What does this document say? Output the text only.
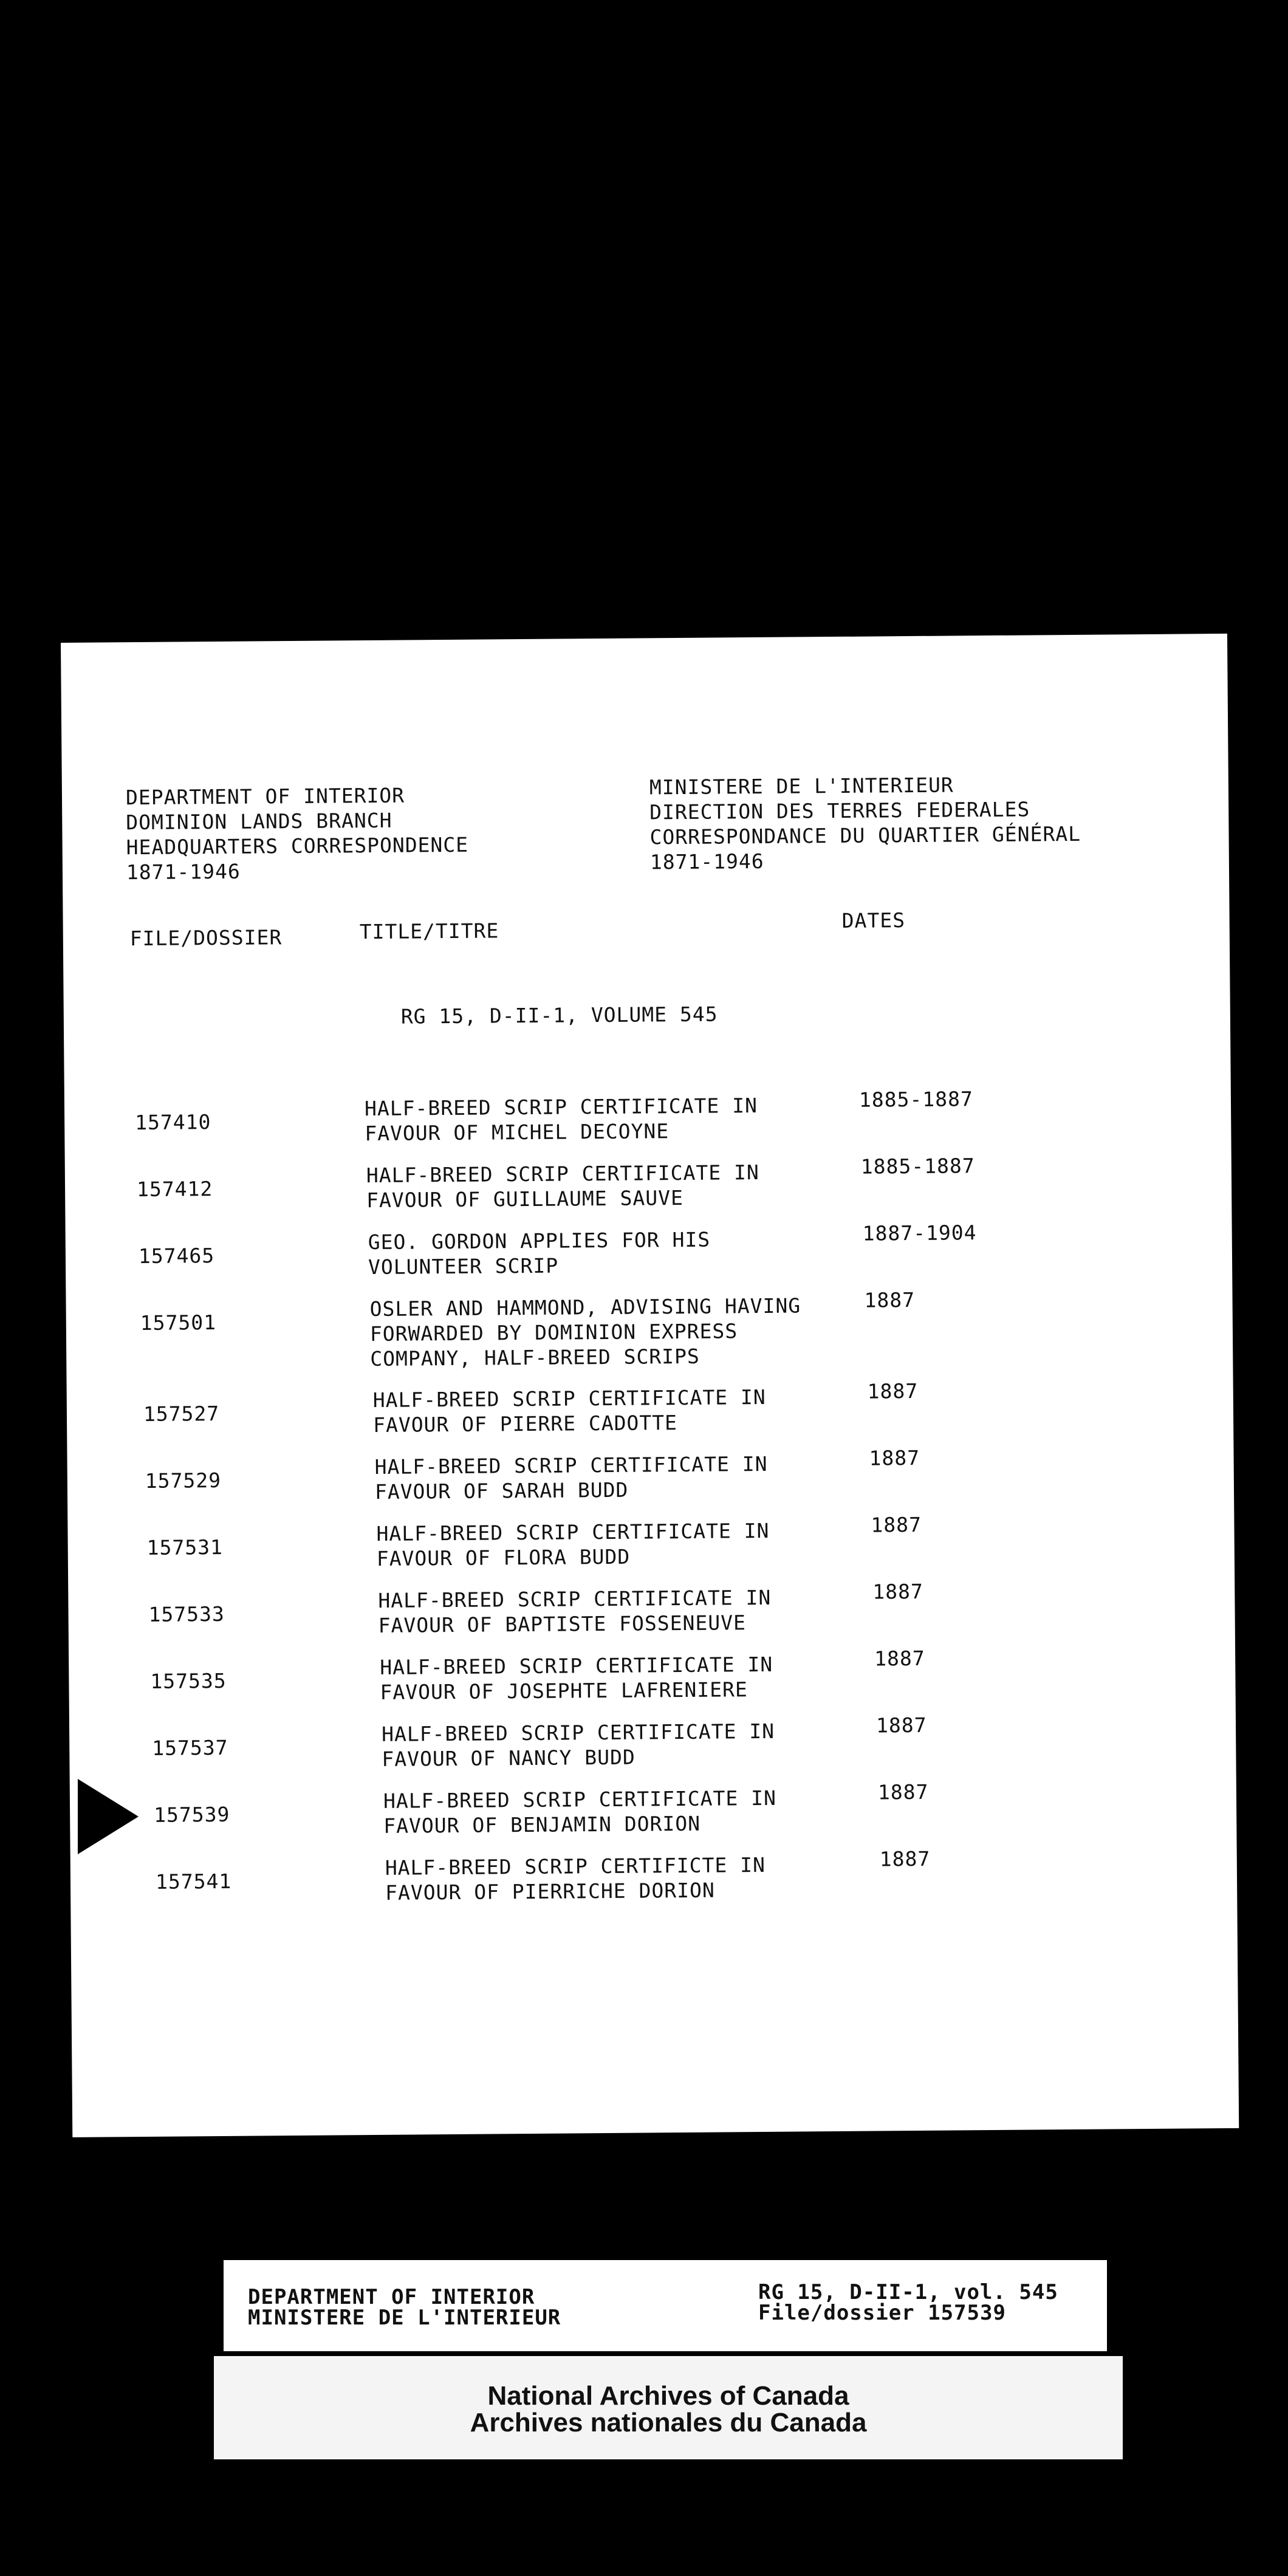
DEPARTMENT OF INTERIOR
DOMINION LANDS BRANCH
HEADQUARTERS CORRESPONDENCE
1871-1946
MINISTERE DE L'INTERIEUR
DIRECTION DES TERRES FEDERALES
CORRESPONDANCE DU QUARTIER GÉNÉRAL
1871-1946
FILE/DOSSIER	TITLE/TITRE	DATES
RG 15, D-II-1, VOLUME 545
157410
HALF-BREED SCRIP CERTIFICATE IN
FAVOUR OF MICHEL DECOYNE
1885-1887
157412
HALF-BREED SCRIP CERTIFICATE IN
FAVOUR OF GUILLAUME SAUVE
1885-1887
157465
GEO. GORDON APPLIES FOR HIS
VOLUNTEER SCRIP
1887-1904
157501
OSLER AND HAMMOND, ADVISING HAVING
FORWARDED BY DOMINION EXPRESS
COMPANY, HALF-BREED SCRIPS
1887
157527
HALF-BREED SCRIP CERTIFICATE IN
FAVOUR OF PIERRE CADOTTE
1887
157529
HALF-BREED SCRIP CERTIFICATE IN
FAVOUR OF SARAH BUDD
1887
157531
HALF-BREED SCRIP CERTIFICATE IN
FAVOUR OF FLORA BUDD
1887
157533
HALF-BREED SCRIP CERTIFICATE IN
FAVOUR OF BAPTISTE FOSSENEUVE
1887
157535
HALF-BREED SCRIP CERTIFICATE IN
FAVOUR OF JOSEPHTE LAFRENIERE
1887
157537
HALF-BREED SCRIP CERTIFICATE IN
FAVOUR OF NANCY BUDD
1887
157539
HALF-BREED SCRIP CERTIFICATE IN
FAVOUR OF BENJAMIN DORION
1887
157541
HALF-BREED SCRIP CERTIFICTE IN
FAVOUR OF PIERRICHE DORION
1887
DEPARTMENT OF INTERIOR
MINISTERE DE L'INTERIEUR
RG 15, D-II-1, vol. 545
File/dossier 157539
National Archives of Canada
Archives nationales du Canada
